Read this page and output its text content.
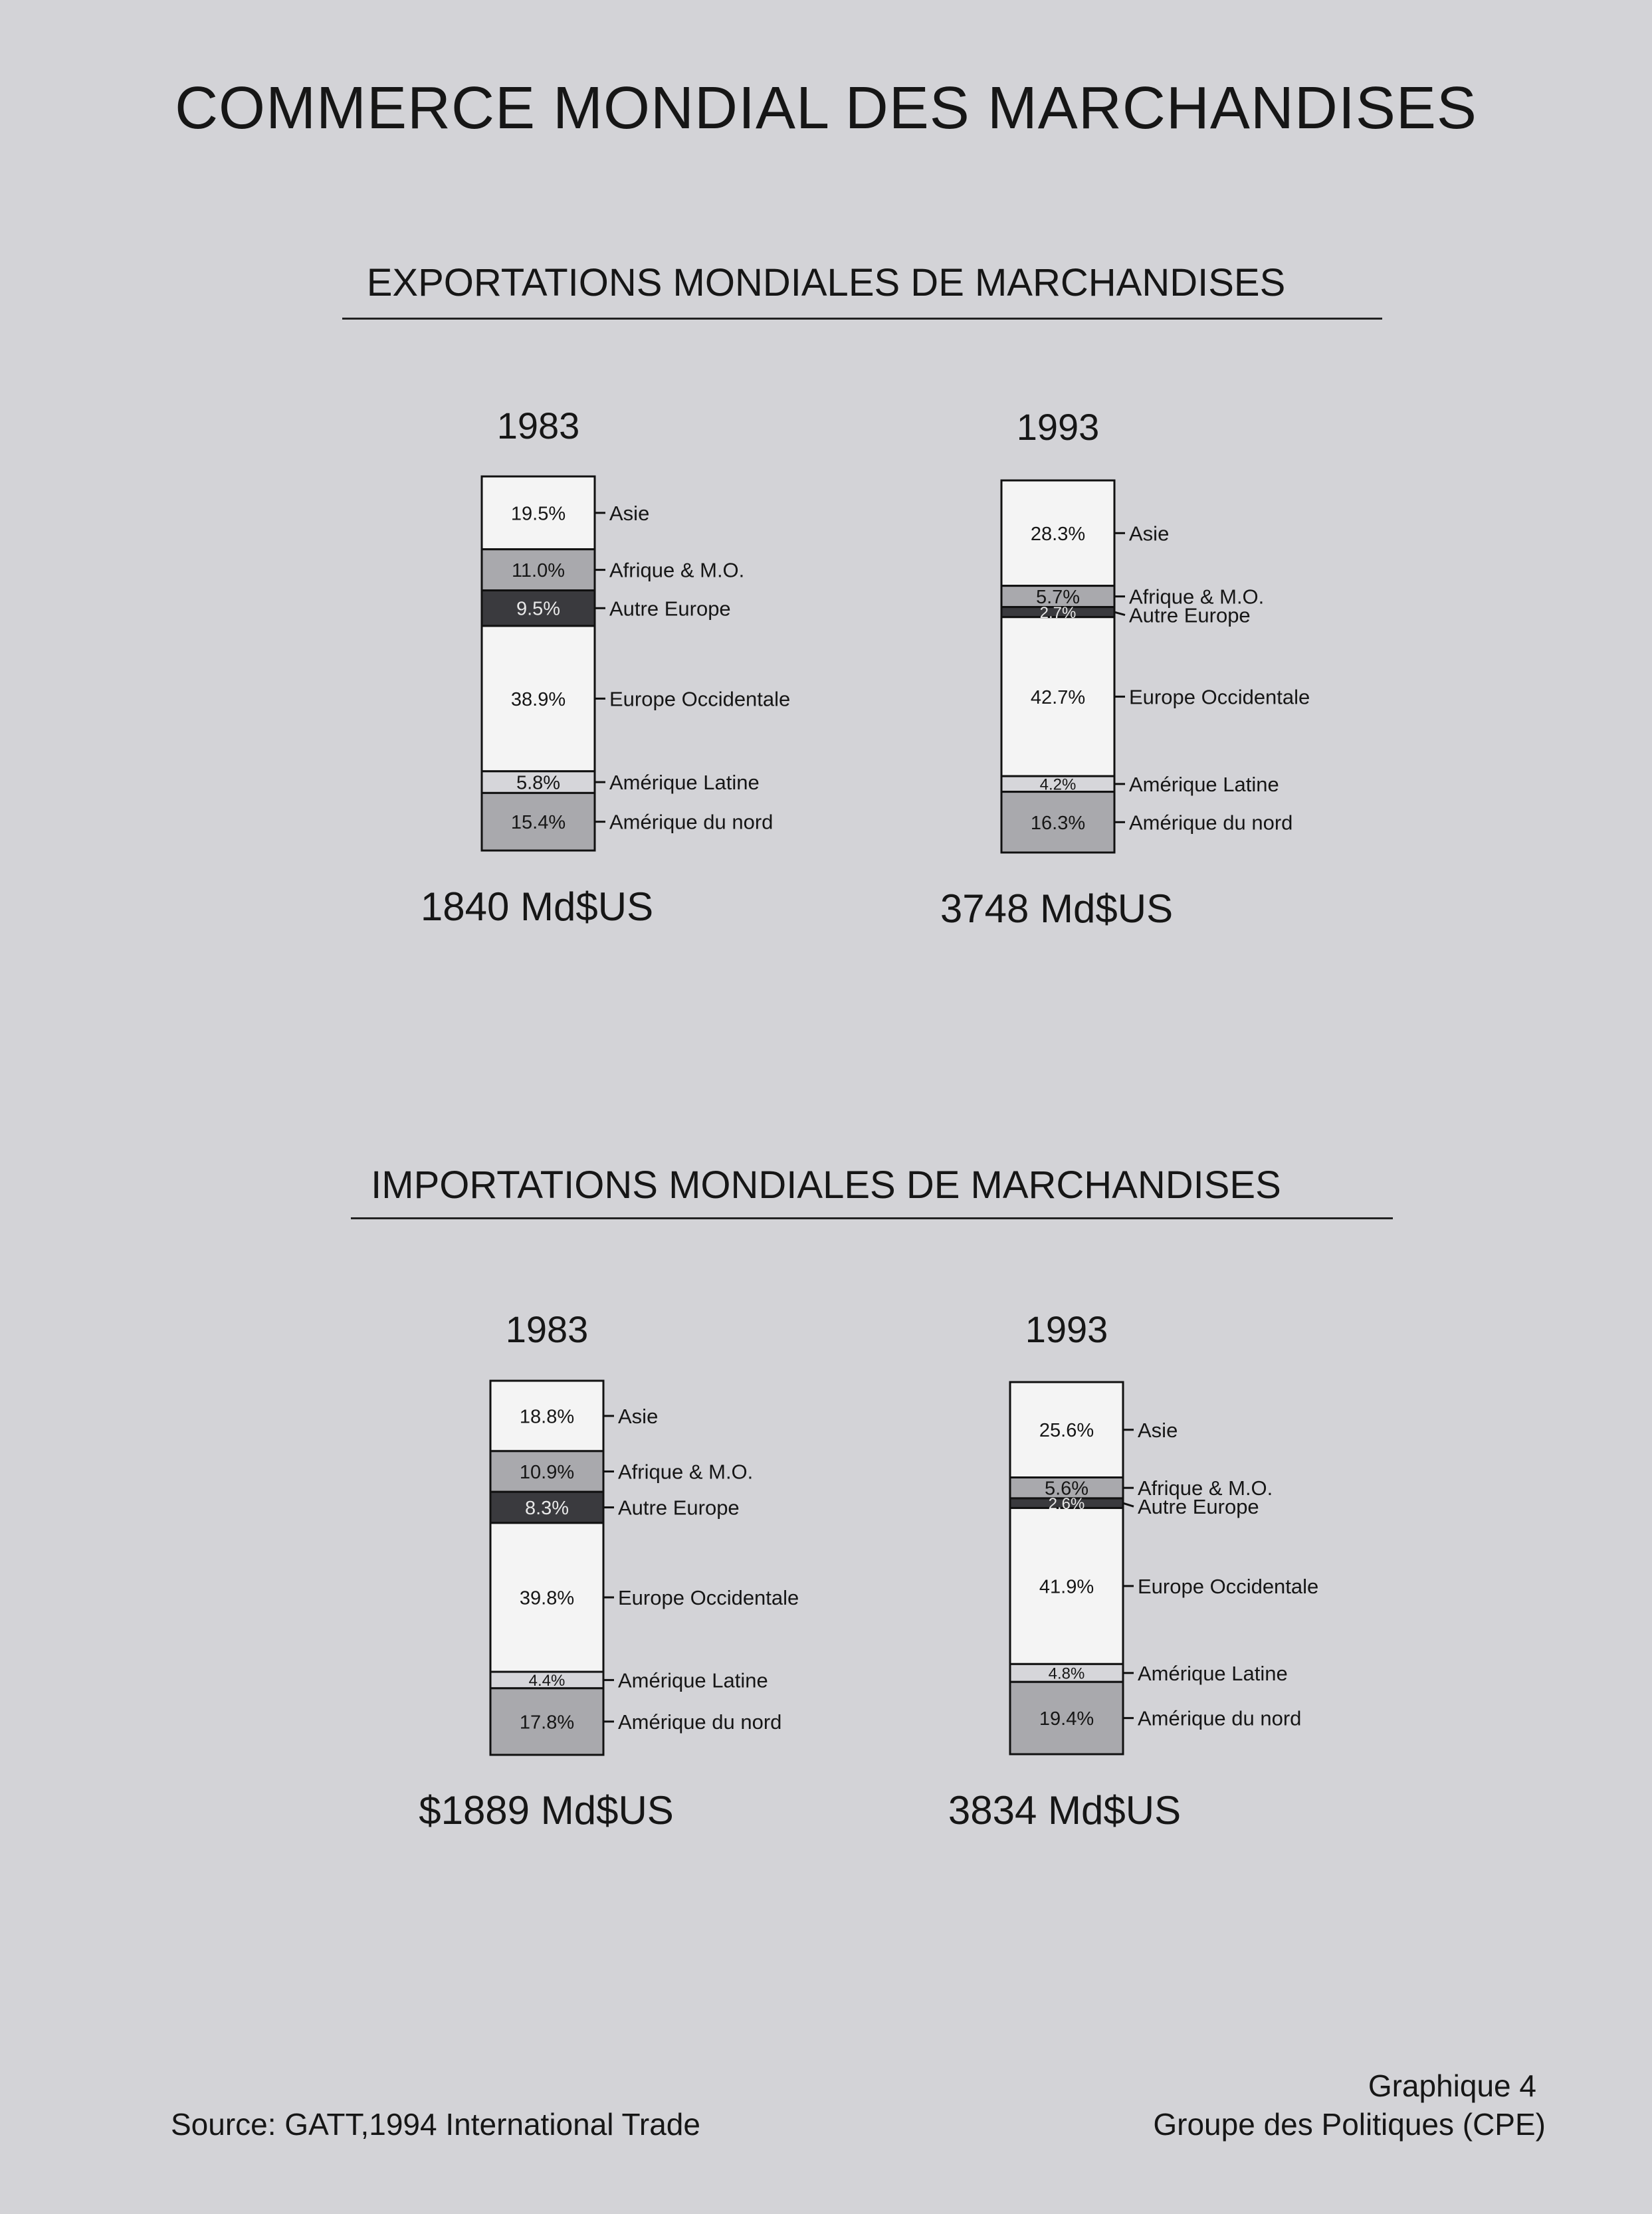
COMMERCE MONDIAL DES MARCHANDISES
EXPORTATIONS MONDIALES DE MARCHANDISES
IMPORTATIONS MONDIALES DE MARCHANDISES
1983
19.5% Asie
11.0% Afrique & M.O.
9.5% Autre Europe
38.9% Europe Occidentale
5.8% Amérique Latine
15.4% Amérique du nord
1840 Md$US
1993
28.3% Asie
5.7% Afrique & M.O.
2.7%	Autre Europe
42.7% Europe Occidentale
4.2%	Amérique Latine
16.3% Amérique du nord
3748 Md$US
1983
18.8% Asie
10.9% Afrique & M.O.
8.3% Autre Europe
39.8% Europe Occidentale
4.4%	Amérique Latine
17.8% Amérique du nord
$1889 Md$US
1993
25.6% Asie
5.6% Afrique & M.O.
2.6%	Autre Europe
41.9% Europe Occidentale
4.8%	Amérique Latine
19.4% Amérique du nord
3834 Md$US
Source: GATT,1994 International Trade
Graphique 4
Groupe des Politiques (CPE)
